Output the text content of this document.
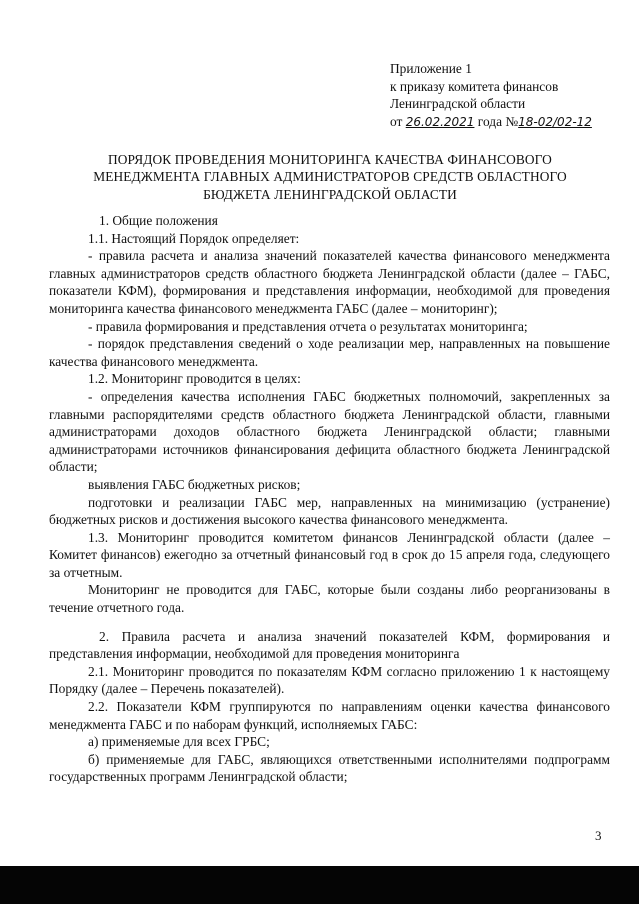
Приложение 1
к приказу комитета финансов
Ленинградской области
от 26.02.2021 года №18-02/02-12
ПОРЯДОК ПРОВЕДЕНИЯ МОНИТОРИНГА КАЧЕСТВА ФИНАНСОВОГО
МЕНЕДЖМЕНТА ГЛАВНЫХ АДМИНИСТРАТОРОВ СРЕДСТВ ОБЛАСТНОГО
БЮДЖЕТА ЛЕНИНГРАДСКОЙ ОБЛАСТИ

1. Общие положения

1.1. Настоящий Порядок определяет:

- правила расчета и анализа значений показателей качества финансового менеджмента главных администраторов средств областного бюджета Ленинградской области (далее – ГАБС, показатели КФМ), формирования и представления информации, необходимой для проведения мониторинга качества финансового менеджмента ГАБС (далее – мониторинг);

- правила формирования и представления отчета о результатах мониторинга;

- порядок представления сведений о ходе реализации мер, направленных на повышение качества финансового менеджмента.

1.2. Мониторинг проводится в целях:

- определения качества исполнения ГАБС бюджетных полномочий, закрепленных за главными распорядителями средств областного бюджета Ленинградской области, главными администраторами доходов областного бюджета Ленинградской области; главными администраторами источников финансирования дефицита областного бюджета Ленинградской области;

выявления ГАБС бюджетных рисков;

подготовки и реализации ГАБС мер, направленных на минимизацию (устранение) бюджетных рисков и достижения высокого качества финансового менеджмента.

1.3. Мониторинг проводится комитетом финансов Ленинградской области (далее – Комитет финансов) ежегодно за отчетный финансовый год в срок до 15 апреля года, следующего за отчетным.

Мониторинг не проводится для ГАБС, которые были созданы либо реорганизованы в течение отчетного года.

2. Правила расчета и анализа значений показателей КФМ, формирования и представления информации, необходимой для проведения мониторинга

2.1. Мониторинг проводится по показателям КФМ согласно приложению 1 к настоящему Порядку (далее – Перечень показателей).

2.2. Показатели КФМ группируются по направлениям оценки качества финансового менеджмента ГАБС и по наборам функций, исполняемых ГАБС:

а) применяемые для всех ГРБС;

б) применяемые для ГАБС, являющихся ответственными исполнителями подпрограмм государственных программ Ленинградской области;

3
